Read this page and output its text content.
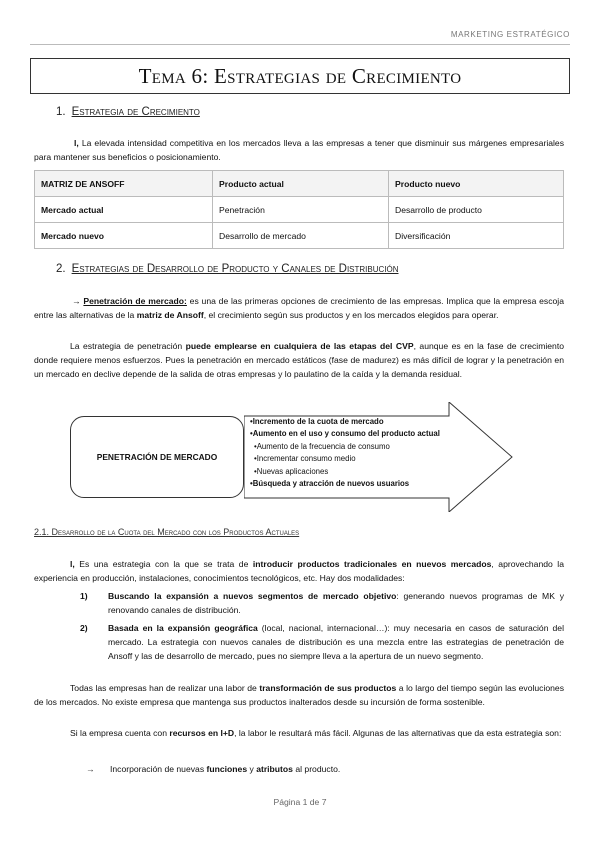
MARKETING ESTRATÉGICO
Tema 6: Estrategias de Crecimiento
1. Estrategia de Crecimiento
l, La elevada intensidad competitiva en los mercados lleva a las empresas a tener que disminuir sus márgenes empresariales para mantener sus beneficios o posicionamiento.
MATRIZ DE ANSOFF	Producto actual	Producto nuevo
Mercado actual	Penetración	Desarrollo de producto
Mercado nuevo	Desarrollo de mercado	Diversificación
2. Estrategias de Desarrollo de Producto y Canales de Distribución
→ Penetración de mercado: es una de las primeras opciones de crecimiento de las empresas. Implica que la empresa escoja entre las alternativas de la matriz de Ansoff, el crecimiento según sus productos y en los mercados elegidos para operar.
La estrategia de penetración puede emplearse en cualquiera de las etapas del CVP, aunque es en la fase de crecimiento donde requiere menos esfuerzos. Pues la penetración en mercado estáticos (fase de madurez) es más difícil de lograr y la penetración en un mercado en declive depende de la salida de otras empresas y lo paulatino de la caída y la demanda residual.
PENETRACIÓN DE MERCADO
•Incremento de la cuota de mercado
•Aumento en el uso y consumo del producto actual
•Aumento de la frecuencia de consumo
•Incrementar consumo medio
•Nuevas aplicaciones
•Búsqueda y atracción de nuevos usuarios
2.1. Desarrollo de la Cuota del Mercado con los Productos Actuales
l, Es una estrategia con la que se trata de introducir productos tradicionales en nuevos mercados, aprovechando la experiencia en producción, instalaciones, conocimientos tecnológicos, etc. Hay dos modalidades:
1) Buscando la expansión a nuevos segmentos de mercado objetivo: generando nuevos programas de MK y renovando canales de distribución.
2) Basada en la expansión geográfica (local, nacional, internacional…): muy necesaria en casos de saturación del mercado. La estrategia con nuevos canales de distribución es una mezcla entre las estrategias de penetración de Ansoff y las de desarrollo de mercado, pues no siempre lleva a la apertura de un nuevo segmento.
Todas las empresas han de realizar una labor de transformación de sus productos a lo largo del tiempo según las evoluciones de los mercados. No existe empresa que mantenga sus productos inalterados desde su incursión de forma sostenible.
Si la empresa cuenta con recursos en I+D, la labor le resultará más fácil. Algunas de las alternativas que da esta estrategia son:
→ Incorporación de nuevas funciones y atributos al producto.
Página 1 de 7
